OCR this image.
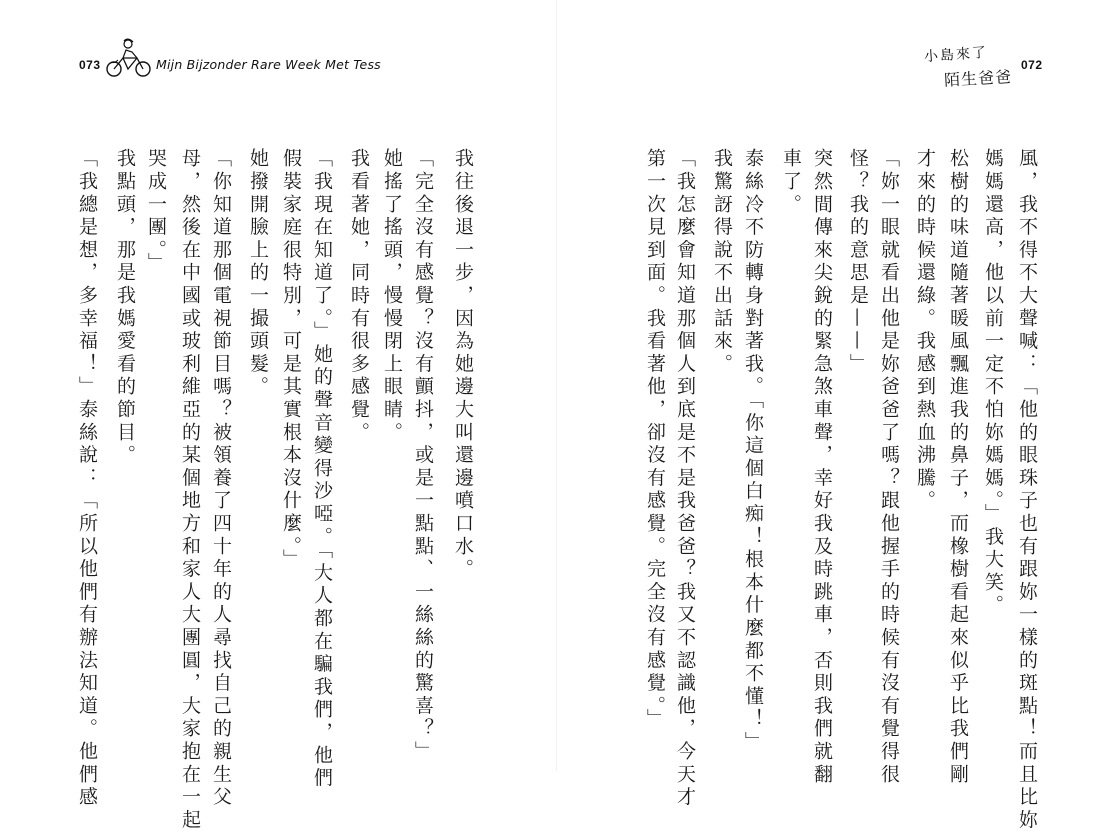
073	Mijn Bijzonder Rare Week Met Tess
我往後退一步，因為她邊大叫還邊噴口水。
「完全沒有感覺？沒有顫抖，或是一點點、一絲絲的驚喜？」
她搖了搖頭，慢慢閉上眼睛。
我看著她，同時有很多感覺。
「我現在知道了。」她的聲音變得沙啞。「大人都在騙我們，他們
假裝家庭很特別，可是其實根本沒什麼。」
她撥開臉上的一撮頭髮。
「你知道那個電視節目嗎？被領養了四十年的人尋找自己的親生父
母，然後在中國或玻利維亞的某個地方和家人大團圓，大家抱在一起
哭成一團。」
我點頭，那是我媽愛看的節目。
「我總是想，多幸福！」泰絲說：「所以他們有辦法知道。他們感
小島來了
陌生爸爸
072
風，我不得不大聲喊：「他的眼珠子也有跟妳一樣的斑點！而且比妳
媽媽還高，他以前一定不怕妳媽媽。」我大笑。
松樹的味道隨著暖風飄進我的鼻子，而橡樹看起來似乎比我們剛
才來的時候還綠。我感到熱血沸騰。
「妳一眼就看出他是妳爸爸了嗎？跟他握手的時候有沒有覺得很
怪？我的意思是——」
突然間傳來尖銳的緊急煞車聲，幸好我及時跳車，否則我們就翻
車了。
泰絲冷不防轉身對著我。「你這個白痴！根本什麼都不懂！」
我驚訝得說不出話來。
「我怎麼會知道那個人到底是不是我爸爸？我又不認識他，今天才
第一次見到面。我看著他，卻沒有感覺。完全沒有感覺。」
